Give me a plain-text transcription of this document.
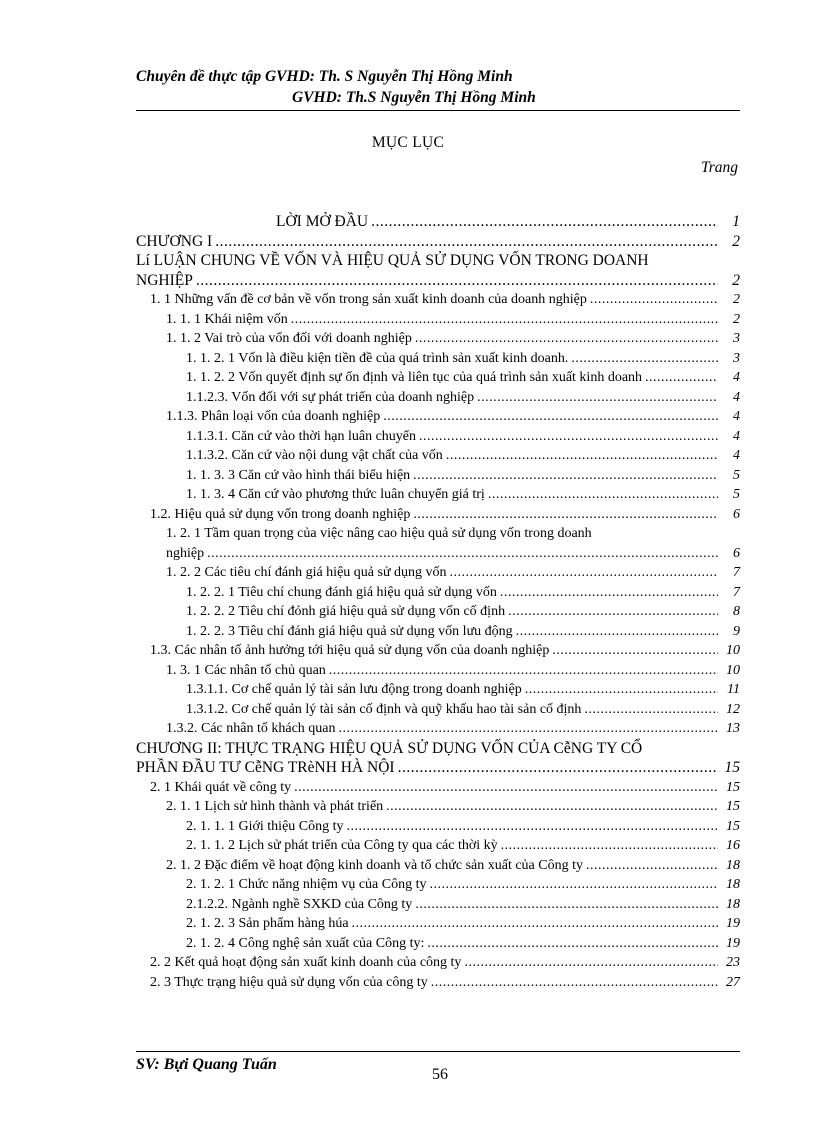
Chuyên đề thực tập GVHD: Th. S Nguyễn Thị Hồng Minh
GVHD: Th.S Nguyễn Thị Hồng Minh
MỤC LỤC
Trang
LỜI MỞ ĐẦU .....	1
CHƯƠNG I .....	2
Lí LUẬN CHUNG VỀ VỐN VÀ HIỆU QUẢ SỬ DỤNG VỐN TRONG DOANH
NGHIỆP .....	2
1. 1 Những vấn đề cơ bản về vốn trong sản xuất kinh doanh của doanh nghiệp .....	2
1. 1. 1 Khái niệm vốn .....	2
1. 1. 2 Vai trò của vốn đối với doanh nghiệp .....	3
1. 1. 2. 1 Vốn là điều kiện tiền đề của quá trình sản xuất kinh doanh. .....	3
1. 1. 2. 2 Vốn quyết định sự ổn định và liên tục của quá trình sản xuất kinh doanh .....	4
1.1.2.3. Vốn đối với sự phát triển của doanh nghiệp .....	4
1.1.3. Phân loại vốn của doanh nghiệp .....	4
1.1.3.1. Căn cứ vào thời hạn luân chuyển .....	4
1.1.3.2. Căn cứ vào nội dung vật chất của vốn .....	4
1. 1. 3. 3 Căn cứ vào hình thái biểu hiện .....	5
1. 1. 3. 4 Căn cứ vào phương thức luân chuyển giá trị .....	5
1.2. Hiệu quả sử dụng vốn trong doanh nghiệp .....	6
1. 2. 1 Tầm quan trọng của việc nâng cao hiệu quả sử dụng vốn trong doanh
nghiệp .....	6
1. 2. 2 Các tiêu chí đánh giá hiệu quả sử dụng vốn .....	7
1. 2. 2. 1 Tiêu chí chung đánh giá hiệu quả sử dụng vốn .....	7
1. 2. 2. 2 Tiêu chí đỏnh giá hiệu quả sử dụng vốn cố định .....	8
1. 2. 2. 3 Tiêu chí đánh giá hiệu quả sử dụng vốn lưu động .....	9
1.3. Các nhân tố ảnh hưởng tới hiệu quả sử dụng vốn của doanh nghiệp .....	10
1. 3. 1 Các nhân tố chủ quan .....	10
1.3.1.1. Cơ chế quản lý tài sản lưu động trong doanh nghiệp .....	11
1.3.1.2. Cơ chế quản lý tài sản cố định và quỹ khấu hao tài sản cố định .....	12
1.3.2. Các nhân tố khách quan .....	13
CHƯƠNG II: THỰC TRẠNG HIỆU QUẢ SỬ DỤNG VỐN CỦA CễNG TY CỔ
PHẦN ĐẦU TƯ CễNG TRèNH HÀ NỘI .....	15
2. 1 Khái quát về công ty .....	15
2. 1. 1 Lịch sử hình thành và phát triển .....	15
2. 1. 1. 1 Giới thiệu Công ty .....	15
2. 1. 1. 2 Lịch sử phát triển của Công ty qua các thời kỳ .....	16
2. 1. 2 Đặc điểm về hoạt động kinh doanh và tổ chức sản xuất của Công ty .....	18
2. 1. 2. 1 Chức năng nhiệm vụ của Công ty .....	18
2.1.2.2. Ngành nghề SXKD của Công ty .....	18
2. 1. 2. 3 Sản phẩm hàng húa .....	19
2. 1. 2. 4 Công nghệ sản xuất của Công ty: .....	19
2. 2 Kết quả hoạt động sản xuất kinh doanh của công ty .....	23
2. 3 Thực trạng hiệu quả sử dụng vốn của công ty .....	27
SV: Bựi Quang Tuấn
56
